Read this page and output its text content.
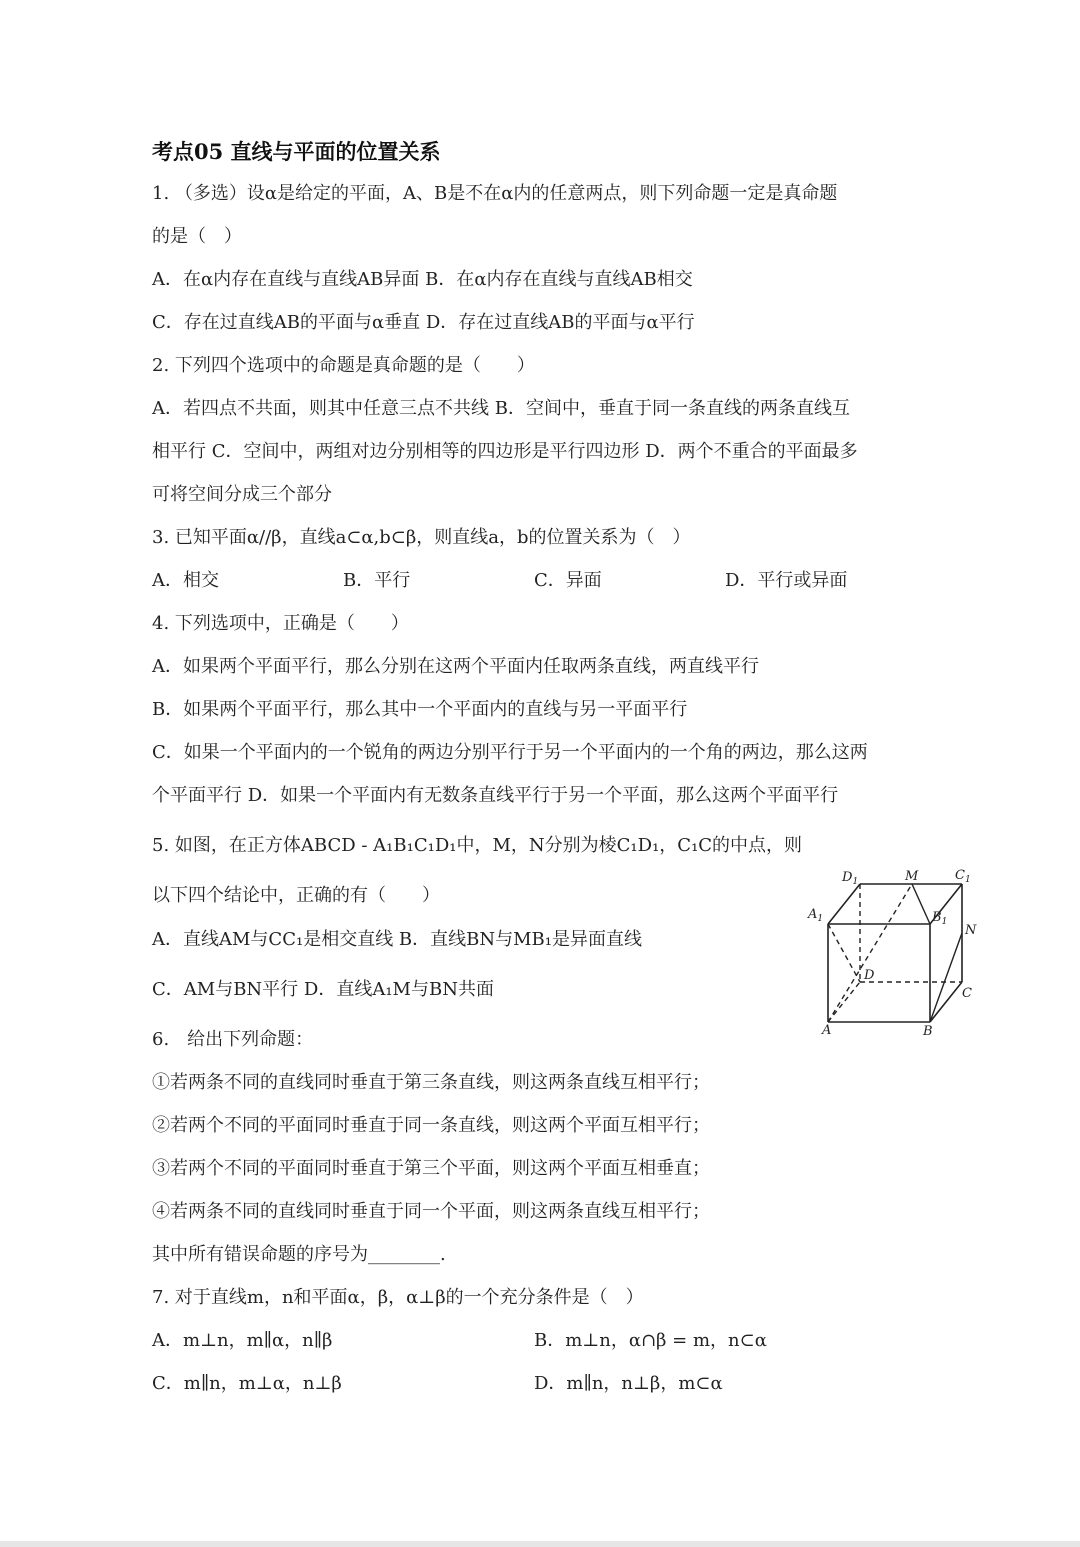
考点05 直线与平面的位置关系
1. （多选）设α是给定的平面，A、B是不在α内的任意两点，则下列命题一定是真命题
的是（　）
A．在α内存在直线与直线AB异面 B．在α内存在直线与直线AB相交
C．存在过直线AB的平面与α垂直 D．存在过直线AB的平面与α平行
2. 下列四个选项中的命题是真命题的是（　　）
A．若四点不共面，则其中任意三点不共线 B．空间中，垂直于同一条直线的两条直线互
相平行 C．空间中，两组对边分别相等的四边形是平行四边形 D．两个不重合的平面最多
可将空间分成三个部分
3. 已知平面α//β，直线a⊂α,b⊂β，则直线a，b的位置关系为（　）
A．相交	B．平行	C．异面	D．平行或异面
4. 下列选项中，正确是（　　）
A．如果两个平面平行，那么分别在这两个平面内任取两条直线，两直线平行
B．如果两个平面平行，那么其中一个平面内的直线与另一平面平行
C．如果一个平面内的一个锐角的两边分别平行于另一个平面内的一个角的两边，那么这两
个平面平行 D．如果一个平面内有无数条直线平行于另一个平面，那么这两个平面平行
5. 如图，在正方体ABCD - A₁B₁C₁D₁中，M，N分别为棱C₁D₁，C₁C的中点，则
以下四个结论中，正确的有（　　）
A．直线AM与CC₁是相交直线 B．直线BN与MB₁是异面直线
C．AM与BN平行 D．直线A₁M与BN共面
$D_1$	M	$C_1$
$A_1$	$B_1$
N
D
C
A	B
6.　给出下列命题：
①若两条不同的直线同时垂直于第三条直线，则这两条直线互相平行；
②若两个不同的平面同时垂直于同一条直线，则这两个平面互相平行；
③若两个不同的平面同时垂直于第三个平面，则这两个平面互相垂直；
④若两条不同的直线同时垂直于同一个平面，则这两条直线互相平行；
其中所有错误命题的序号为________.
7. 对于直线m，n和平面α，β，α⊥β的一个充分条件是（　）
A．m⊥n，m∥α，n∥β	B．m⊥n，α∩β = m，n⊂α
C．m∥n，m⊥α，n⊥β	D．m∥n，n⊥β，m⊂α
